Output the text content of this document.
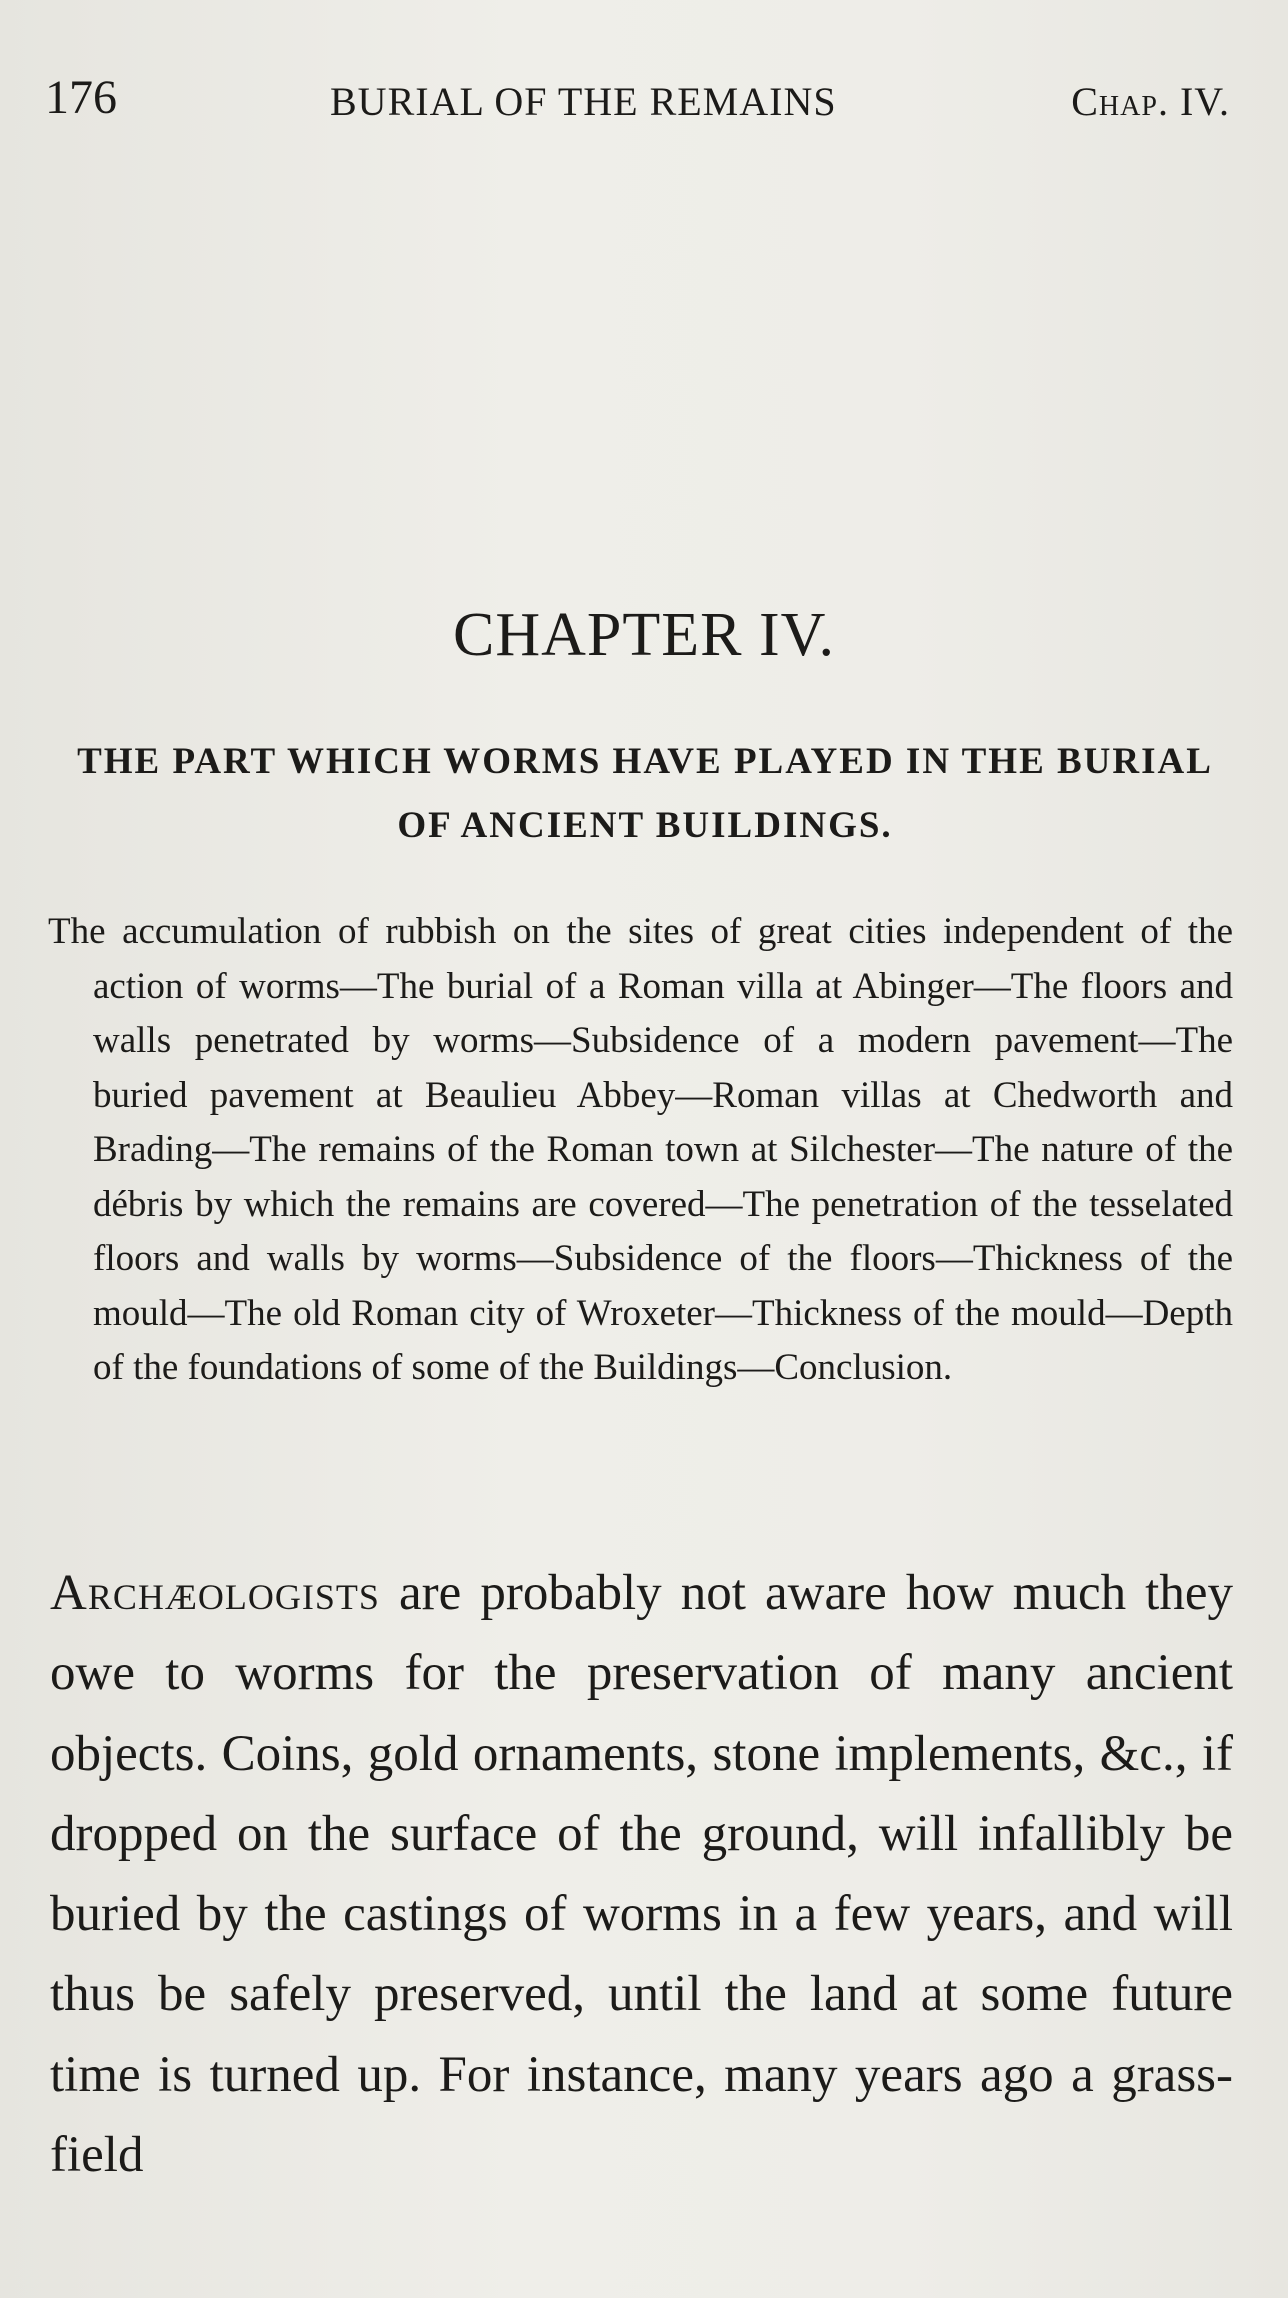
ᅠ
176	BURIAL OF THE REMAINS	Chap. IV.
CHAPTER IV.
THE PART WHICH WORMS HAVE PLAYED IN THE BURIAL OF ANCIENT BUILDINGS.
The accumulation of rubbish on the sites of great cities independent of the action of worms—The burial of a Roman villa at Abinger—The floors and walls penetrated by worms—Subsidence of a modern pavement—The buried pavement at Beaulieu Abbey—Roman villas at Chedworth and Brading—The remains of the Roman town at Silchester—The nature of the débris by which the remains are covered—The penetration of the tesselated floors and walls by worms—Subsidence of the floors—Thickness of the mould—The old Roman city of Wroxeter—Thickness of the mould—Depth of the foundations of some of the Buildings—Conclusion.
Archæologists are probably not aware how much they owe to worms for the preservation of many ancient objects. Coins, gold ornaments, stone implements, &c., if dropped on the surface of the ground, will infallibly be buried by the castings of worms in a few years, and will thus be safely preserved, until the land at some future time is turned up. For instance, many years ago a grass-field
